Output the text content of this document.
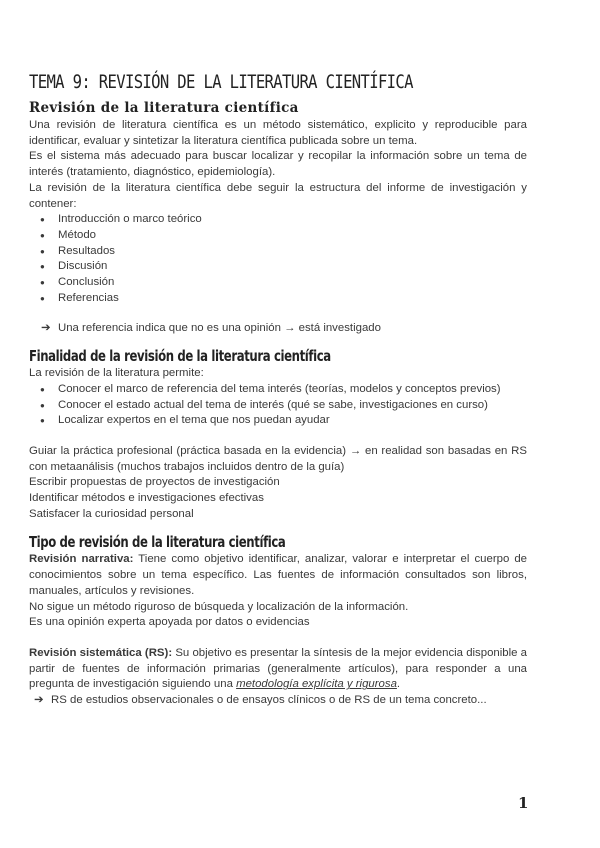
TEMA 9: REVISIÓN DE LA LITERATURA CIENTÍFICA
Revisión de la literatura científica

Una revisión de literatura científica es un método sistemático, explicito y reproducible para identificar, evaluar y sintetizar la literatura científica publicada sobre un tema.

Es el sistema más adecuado para buscar localizar y recopilar la información sobre un tema de interés (tratamiento, diagnóstico, epidemiología).

La revisión de la literatura científica debe seguir la estructura del informe de investigación y contener:

● Introducción o marco teórico
● Método
● Resultados
● Discusión
● Conclusión
● Referencias
➔ Una referencia indica que no es una opinión → está investigado
Finalidad de la revisión de la literatura científica

La revisión de la literatura permite:

● Conocer el marco de referencia del tema interés (teorías, modelos y conceptos previos)
● Conocer el estado actual del tema de interés (qué se sabe, investigaciones en curso)
● Localizar expertos en el tema que nos puedan ayudar

Guiar la práctica profesional (práctica basada en la evidencia) → en realidad son basadas en RS con metaanálisis (muchos trabajos incluidos dentro de la guía)

Escribir propuestas de proyectos de investigación

Identificar métodos e investigaciones efectivas

Satisfacer la curiosidad personal

Tipo de revisión de la literatura científica

Revisión narrativa: Tiene como objetivo identificar, analizar, valorar e interpretar el cuerpo de conocimientos sobre un tema específico. Las fuentes de información consultados son libros, manuales, artículos y revisiones.

No sigue un método riguroso de búsqueda y localización de la información.

Es una opinión experta apoyada por datos o evidencias

Revisión sistemática (RS): Su objetivo es presentar la síntesis de la mejor evidencia disponible a partir de fuentes de información primarias (generalmente artículos), para responder a una pregunta de investigación siguiendo una metodología explícita y rigurosa.

➔ RS de estudios observacionales o de ensayos clínicos o de RS de un tema concreto...
1
